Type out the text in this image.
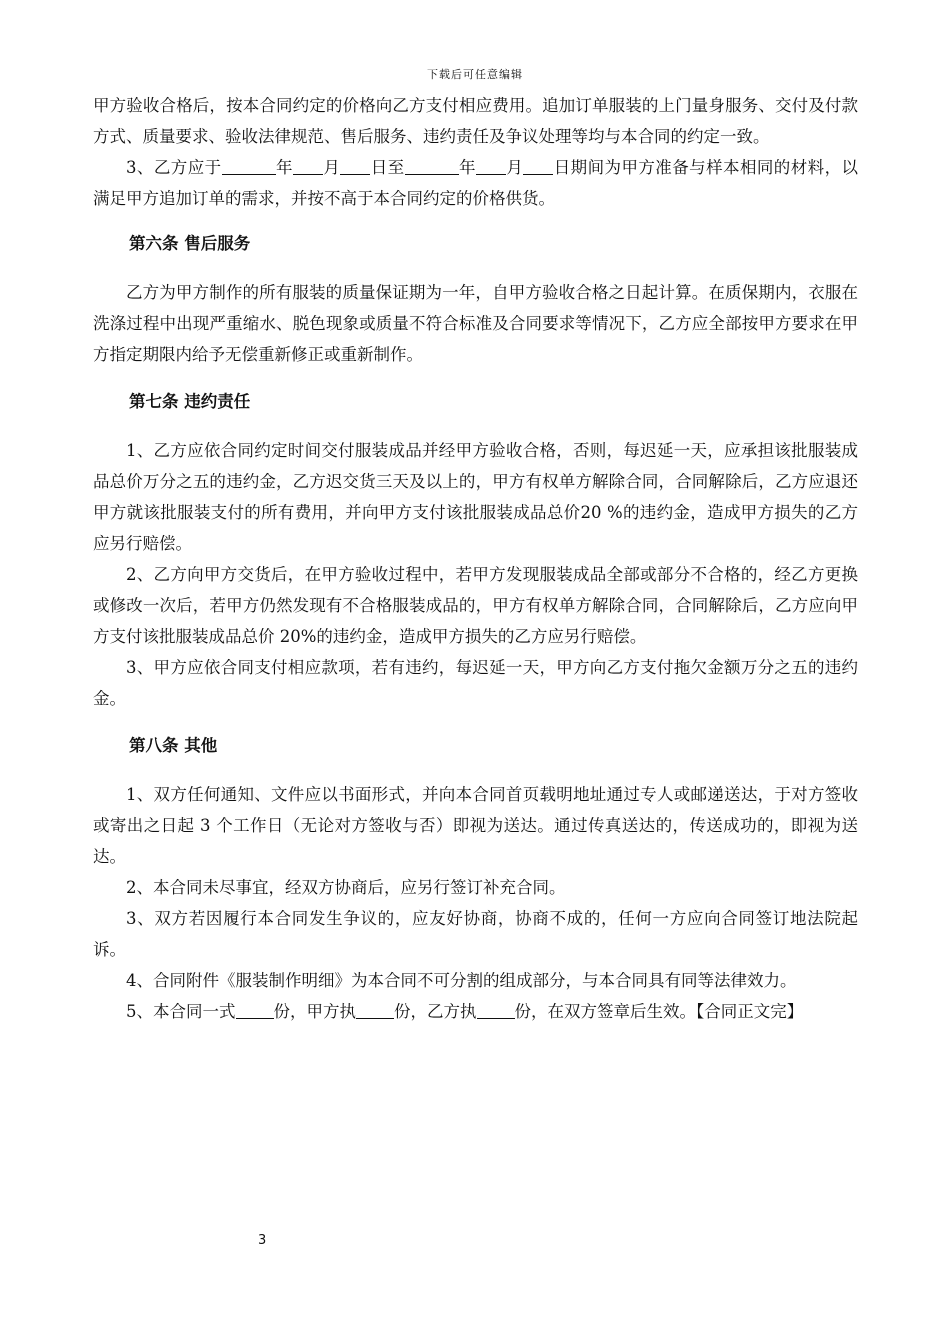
下载后可任意编辑

甲方验收合格后，按本合同约定的价格向乙方支付相应费用。追加订单服装的上门量身服务、交付及付款方式、质量要求、验收法律规范、售后服务、违约责任及争议处理等均与本合同的约定一致。

3、乙方应于	年 月 日至	年 月 日期间为甲方准备与样本相同的材料，以满足甲方追加订单的需求，并按不高于本合同约定的价格供货。

第六条 售后服务

乙方为甲方制作的所有服装的质量保证期为一年，自甲方验收合格之日起计算。在质保期内，衣服在洗涤过程中出现严重缩水、脱色现象或质量不符合标准及合同要求等情况下，乙方应全部按甲方要求在甲方指定期限内给予无偿重新修正或重新制作。

第七条 违约责任

1、乙方应依合同约定时间交付服装成品并经甲方验收合格，否则，每迟延一天，应承担该批服装成品总价万分之五的违约金，乙方迟交货三天及以上的，甲方有权单方解除合同，合同解除后，乙方应退还甲方就该批服装支付的所有费用，并向甲方支付该批服装成品总价20 %的违约金，造成甲方损失的乙方应另行赔偿。

2、乙方向甲方交货后，在甲方验收过程中，若甲方发现服装成品全部或部分不合格的，经乙方更换或修改一次后，若甲方仍然发现有不合格服装成品的，甲方有权单方解除合同，合同解除后，乙方应向甲方支付该批服装成品总价 20%的违约金，造成甲方损失的乙方应另行赔偿。

3、甲方应依合同支付相应款项，若有违约，每迟延一天，甲方向乙方支付拖欠金额万分之五的违约金。

第八条 其他

1、双方任何通知、文件应以书面形式，并向本合同首页载明地址通过专人或邮递送达，于对方签收或寄出之日起 3 个工作日（无论对方签收与否）即视为送达。通过传真送达的，传送成功的，即视为送达。

2、本合同未尽事宜，经双方协商后，应另行签订补充合同。

3、双方若因履行本合同发生争议的，应友好协商，协商不成的，任何一方应向合同签订地法院起诉。

4、合同附件《服装制作明细》为本合同不可分割的组成部分，与本合同具有同等法律效力。

5、本合同一式 份，甲方执 份，乙方执 份，在双方签章后生效。【合同正文完】

3
